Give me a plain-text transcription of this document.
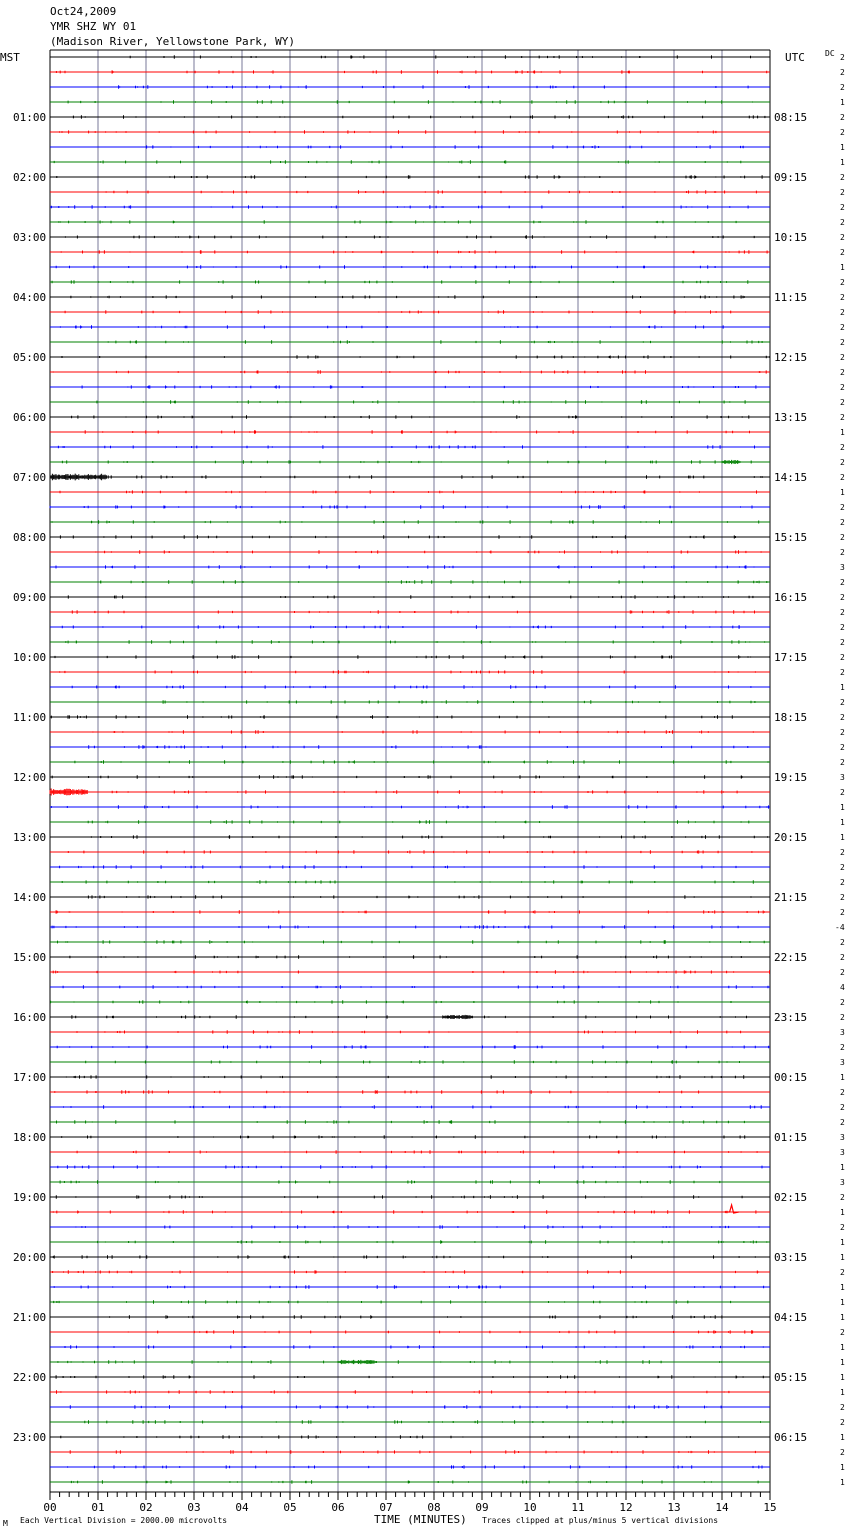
Oct24,2009
YMR SHZ WY 01
(Madison River, Yellowstone Park, WY)
MST	UTC	DC
01:00
02:00
03:00
04:00
05:00
06:00
07:00
08:00
09:00
10:00
11:00
12:00
13:00
14:00
15:00
16:00
17:00
18:00
19:00
20:00
21:00
22:00
23:00
08:15
09:15
10:15
11:15
12:15
13:15
14:15
15:15
16:15
17:15
18:15
19:15
20:15
21:15
22:15
23:15
00:15
01:15
02:15
03:15
04:15
05:15
06:15
2
2
2
1
2
2
1
1
2
2
2
2
2
2
1
2
2
2
2
2
2
2
2
2
2
1
2
2
2
1
2
2
2
2
3
2
2
2
2
2
2
2
1
2
2
2
2
2
3
2
1
1
1
2
2
2
2
2
-4
2
2
2
4
2
2
3
2
3
1
2
2
2
3
3
1
3
2
1
2
1
1
2
1
1
1
2
1
1
1
1
2
2
1
2
1
1
00	01	02	03	04	05	06	07	08	09	10	11	12	13	14	15
M Each Vertical Division = 2000.00 microvolts	TIME (MINUTES) Traces clipped at plus/minus 5 vertical divisions
